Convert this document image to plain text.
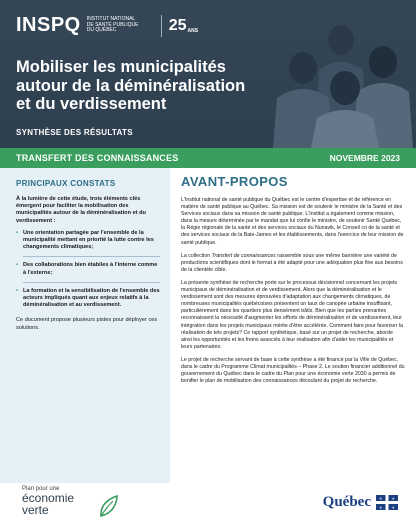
INSPQ INSTITUT NATIONAL
DE SANTÉ PUBLIQUE
DU QUÉBEC	25 ANS
Mobiliser les municipalités
autour de la déminéralisation
et du verdissement
SYNTHÈSE DES RÉSULTATS
TRANSFERT DES CONNAISSANCES	NOVEMBRE 2023
PRINCIPAUX CONSTATS

À la lumière de cette étude, trois éléments clés émergent pour faciliter la mobilisation des municipalités autour de la déminéralisation et du verdissement :

• Une orientation partagée par l'ensemble de la municipalité mettant en priorité la lutte contre les changements climatiques;
• Des collaborations bien établies à l'interne comme à l'externe;
• La formation et la sensibilisation de l'ensemble des acteurs impliqués quant aux enjeux relatifs à la déminéralisation et au verdissement.

Ce document propose plusieurs pistes pour déployer ces solutions.

AVANT-PROPOS

L'Institut national de santé publique du Québec est le centre d'expertise et de référence en matière de santé publique au Québec. Sa mission est de soutenir le ministre de la Santé et des Services sociaux dans sa mission de santé publique. L'Institut a également comme mission, dans la mesure déterminée par le mandat que lui confie le ministre, de soutenir Santé Québec, la Régie régionale de la santé et des services sociaux du Nunavik, le Conseil cri de la santé et des services sociaux de la Baie-James et les établissements, dans l'exercice de leur mission de santé publique.

La collection Transfert de connaissances rassemble sous une même bannière une variété de productions scientifiques dont le format a été adapté pour une adéquation plus fine aux besoins de la clientèle cible.

La présente synthèse de recherche porte sur le processus décisionnel concernant les projets municipaux de déminéralisation et de verdissement. Alors que la déminéralisation et le verdissement sont des mesures éprouvées d'adaptation aux changements climatiques, de nombreuses municipalités québécoises présentent un taux de canopée urbaine insuffisant, particulièrement dans les quartiers plus densément bâtis. Bien que les parties prenantes reconnaissent la nécessité d'augmenter les efforts de déminéralisation et de verdissement, leur intégration dans les projets municipaux mérite d'être accélérée. Comment faire pour favoriser la réalisation de tels projets? Ce rapport synthétique, basé sur un projet de recherche, aborde ainsi les opportunités et les freins associés à leur réalisation afin d'aider les municipalités et leurs partenaires.

Le projet de recherche servant de base à cette synthèse a été financé par la Ville de Québec, dans le cadre du Programme Climat municipalités – Phase 2. Le soutien financier additionnel du gouvernement du Québec dans le cadre du Plan pour une économie verte 2030 a permis de bonifier le plan de mobilisation des connaissances découlant du projet de recherche.

Plan pour une
économie
verte	Québec ⚜ ⚜
⚜ ⚜
